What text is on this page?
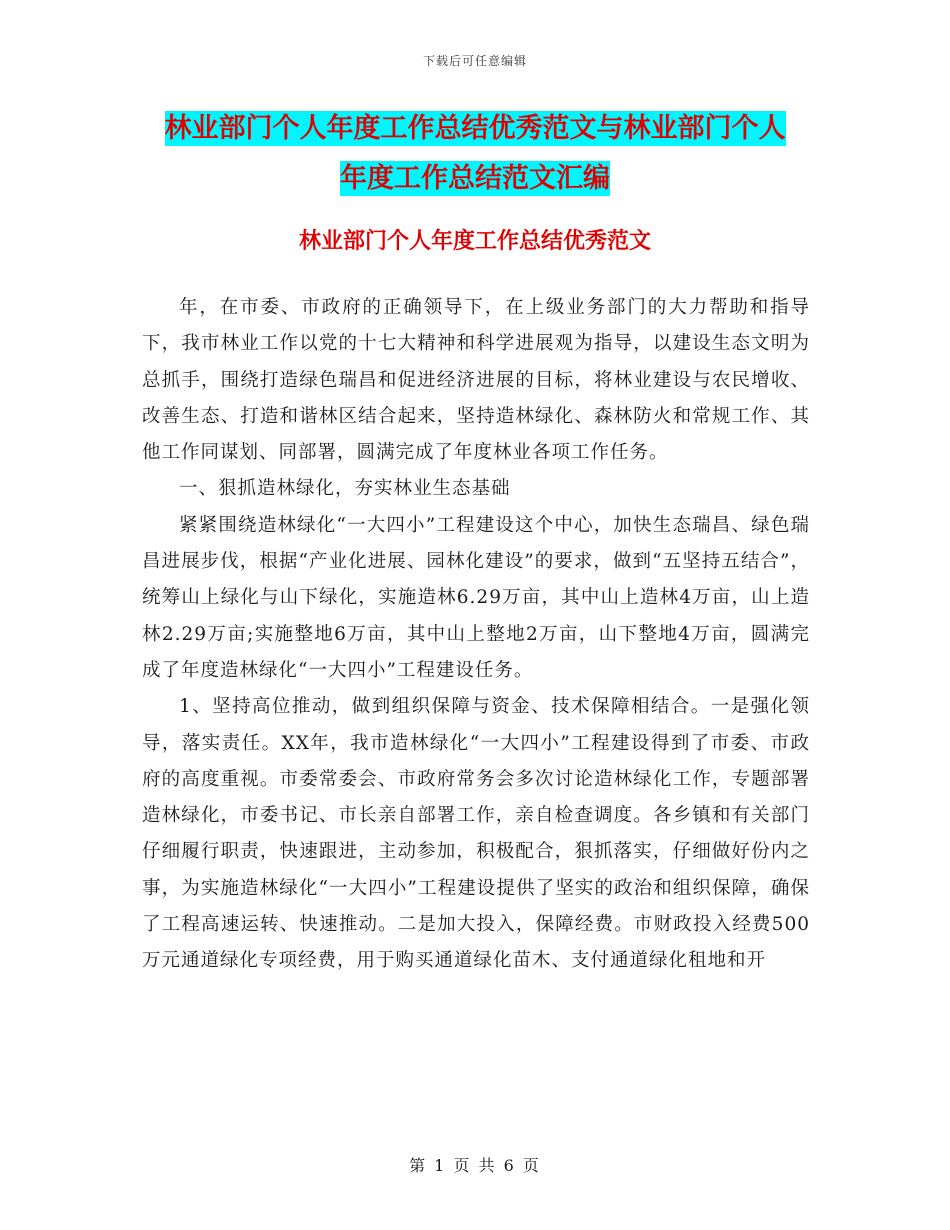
下载后可任意编辑
林业部门个人年度工作总结优秀范文与林业部门个人
年度工作总结范文汇编
林业部门个人年度工作总结优秀范文

年，在市委、市政府的正确领导下，在上级业务部门的大力帮助和指导下，我市林业工作以党的十七大精神和科学进展观为指导，以建设生态文明为总抓手，围绕打造绿色瑞昌和促进经济进展的目标，将林业建设与农民增收、改善生态、打造和谐林区结合起来，坚持造林绿化、森林防火和常规工作、其他工作同谋划、同部署，圆满完成了年度林业各项工作任务。

一、狠抓造林绿化，夯实林业生态基础

紧紧围绕造林绿化“一大四小”工程建设这个中心，加快生态瑞昌、绿色瑞昌进展步伐，根据“产业化进展、园林化建设”的要求，做到“五坚持五结合”，统筹山上绿化与山下绿化，实施造林6.29万亩，其中山上造林4万亩，山上造林2.29万亩;实施整地6万亩，其中山上整地2万亩，山下整地4万亩，圆满完成了年度造林绿化“一大四小”工程建设任务。

1、坚持高位推动，做到组织保障与资金、技术保障相结合。一是强化领导，落实责任。XX年，我市造林绿化“一大四小”工程建设得到了市委、市政府的高度重视。市委常委会、市政府常务会多次讨论造林绿化工作，专题部署造林绿化，市委书记、市长亲自部署工作，亲自检查调度。各乡镇和有关部门仔细履行职责，快速跟进，主动参加，积极配合，狠抓落实，仔细做好份内之事，为实施造林绿化“一大四小”工程建设提供了坚实的政治和组织保障，确保了工程高速运转、快速推动。二是加大投入，保障经费。市财政投入经费500万元通道绿化专项经费，用于购买通道绿化苗木、支付通道绿化租地和开

第 1 页 共 6 页
